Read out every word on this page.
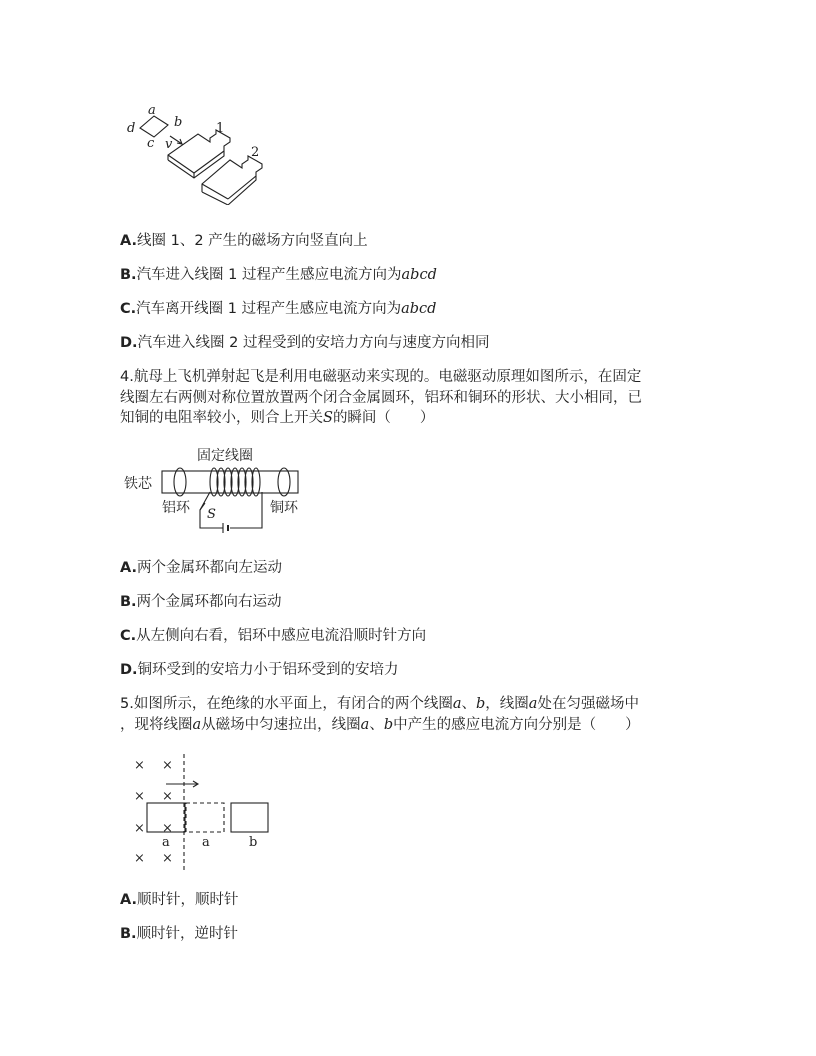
a
b
d
c v
1
2
A.线圈 1、2 产生的磁场方向竖直向上
B.汽车进入线圈 1 过程产生感应电流方向为abcd
C.汽车离开线圈 1 过程产生感应电流方向为abcd
D.汽车进入线圈 2 过程受到的安培力方向与速度方向相同
4.航母上飞机弹射起飞是利用电磁驱动来实现的。电磁驱动原理如图所示，在固定
线圈左右两侧对称位置放置两个闭合金属圆环，铝环和铜环的形状、大小相同，已
知铜的电阻率较小，则合上开关S的瞬间（　　）
固定线圈
铁芯
铝环	铜环
S
A.两个金属环都向左运动
B.两个金属环都向右运动
C.从左侧向右看，铝环中感应电流沿顺时针方向
D.铜环受到的安培力小于铝环受到的安培力
5.如图所示，在绝缘的水平面上，有闭合的两个线圈a、b，线圈a处在匀强磁场中
，现将线圈a从磁场中匀速拉出，线圈a、b中产生的感应电流方向分别是（　　）
× ×
× ×
× ×
× ×
a a	b
A.顺时针，顺时针
B.顺时针，逆时针
